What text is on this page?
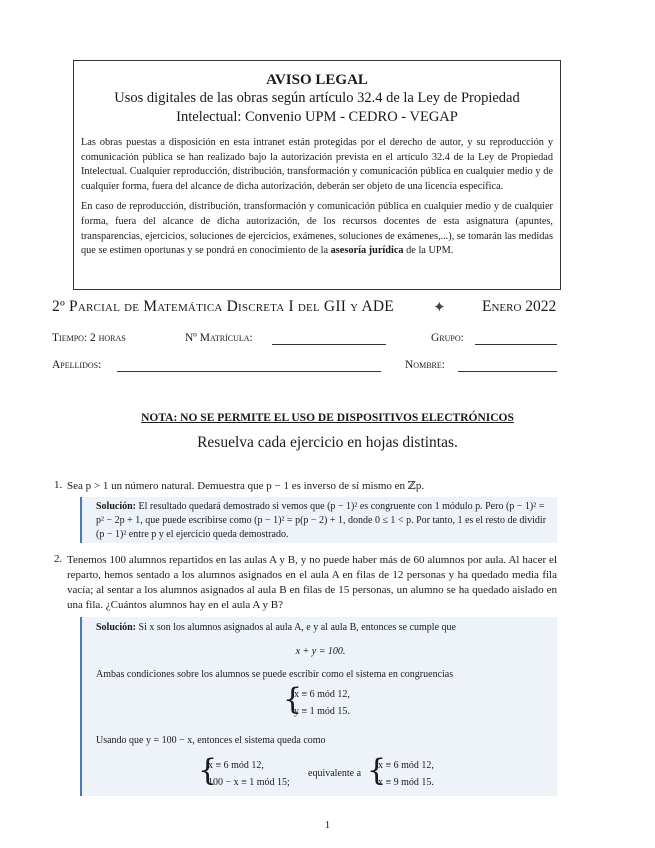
AVISO LEGAL
Usos digitales de las obras según artículo 32.4 de la Ley de Propiedad
Intelectual: Convenio UPM - CEDRO - VEGAP

Las obras puestas a disposición en esta intranet están protegidas por el derecho de autor, y su reproducción y comunicación pública se han realizado bajo la autorización prevista en el artículo 32.4 de la Ley de Propiedad Intelectual. Cualquier reproducción, distribución, transformación y comunicación pública en cualquier medio y de cualquier forma, fuera del alcance de dicha autorización, deberán ser objeto de una licencia específica.

En caso de reproducción, distribución, transformación y comunicación pública en cualquier medio y de cualquier forma, fuera del alcance de dicha autorización, de los recursos docentes de esta asignatura (apuntes, transparencias, ejercicios, soluciones de ejercicios, exámenes, soluciones de exámenes,...), se tomarán las medidas que se estimen oportunas y se pondrá en conocimiento de la asesoría jurídica de la UPM.

2º Parcial de Matemática Discreta I del GII y ADE	✦ Enero 2022
Tiempo: 2 horas	Nº Matrícula:	Grupo:
Apellidos:	Nombre:
NOTA: NO SE PERMITE EL USO DE DISPOSITIVOS ELECTRÓNICOS
Resuelva cada ejercicio en hojas distintas.
1. Sea p > 1 un número natural. Demuestra que p − 1 es inverso de sí mismo en ℤp.
Solución: El resultado quedará demostrado si vemos que (p − 1)² es congruente con 1 módulo p. Pero (p − 1)² = p² − 2p + 1, que puede escribirse como (p − 1)² = p(p − 2) + 1, donde 0 ≤ 1 < p. Por tanto, 1 es el resto de dividir (p − 1)² entre p y el ejercicio queda demostrado.
2. Tenemos 100 alumnos repartidos en las aulas A y B, y no puede haber más de 60 alumnos por aula. Al hacer el reparto, hemos sentado a los alumnos asignados en el aula A en filas de 12 personas y ha quedado media fila vacía; al sentar a los alumnos asignados al aula B en filas de 15 personas, un alumno se ha quedado aislado en una fila. ¿Cuántos alumnos hay en el aula A y B?
Solución: Si x son los alumnos asignados al aula A, e y al aula B, entonces se cumple que
x + y = 100.
Ambas condiciones sobre los alumnos se puede escribir como el sistema en congruencias
{
x ≡ 6 mód 12,
y ≡ 1 mód 15.
Usando que y = 100 − x, entonces el sistema queda como
{
x ≡ 6 mód 12,
100 − x ≡ 1 mód 15;
equivalente a {
x ≡ 6 mód 12,
x ≡ 9 mód 15.
1
